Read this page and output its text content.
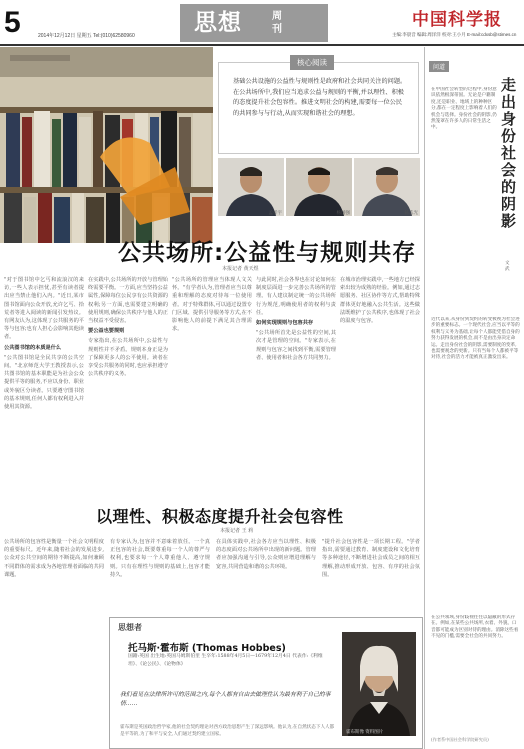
5	2014年12月12日 星期五 Tel:(010)62580960	思想	周刊	中国科学报
主编:李晨音 编辑:周洋洋 校对:王小月 E-mail:cdxsb@stimes.cn
核心阅读
基础公共设施的公益性与规则性是政府和社会共同关注的问题。在公共场所中,我们应当追求公益与规则的平衡,并以理性、积极的态度提升社会包容性。推进文明社会的构建,需要每一位公民的共同参与与行动,从而实现和谐社会的理想。
孟祥宇	杨国强	韩志光
公共场所:公益性与规则共存
本报记者 黄天煜
"对于图书馆中乞丐和流浪汉的来访,一些人表示担忧,甚至有读者提出应当禁止他们入内。"近日,某市图书馆面向公众开放,允许乞丐、拾荒者等进入阅读的新闻引发热议。有网友认为,这体现了公共服务的平等与包容;也有人担心会影响其他读者。
公共图书馆的本质是什么
"公共图书馆是全民共享的公共空间。"北京师范大学王教授表示,公共图书馆的基本职能是为社会公众提供平等的服务,不应以身份、职业或外貌区分读者。只要遵守图书馆的基本规则,任何人都有权利进入并使用其资源。
在实践中,公共场所的开放与管理始终需要平衡。一方面,应当坚持公益属性,保障每位公民享有公共资源的权利;另一方面,也需要建立明确的使用规则,确保公共秩序与他人的正当权益不受侵害。
要公益也要规则
专家指出,在公共场所中,公益性与规则性并不矛盾。规则本身正是为了保障更多人的公平使用。读者在享受公共服务的同时,也应承担遵守公共秩序的义务。
"公共场所的管理应当体现人文关怀。"有学者认为,管理者应当以尊重和理解的态度对待每一位使用者。对于特殊群体,可以通过设置专门区域、提供引导服务等方式,在不影响他人的前提下满足其合理需求。
与此同时,社会各界也在讨论如何在制度层面进一步完善公共场所的管理。有人建议制定统一的公共场所行为规范,明确使用者的权利与责任。
如何实现规则与包容共存
"公共场所首先是公益性的空间,其次才是管理的空间。"专家表示,在规则与包容之间找到平衡,需要管理者、使用者和社会各方共同努力。
在城市治理实践中,一些地方已经探索出较为成熟的经验。例如,通过志愿服务、社区协作等方式,帮助特殊群体更好地融入公共生活。这些做法既维护了公共秩序,也体现了社会的温度与包容。
以理性、积极态度提升社会包容性
本报记者 王 莉
公共场所的包容性是衡量一个社会文明程度的重要标尺。近年来,随着社会的发展进步,公众对公共空间的期待不断提高,如何兼顾不同群体的需求成为各地管理者面临的共同课题。
有专家认为,包容并不意味着放任。一个真正包容的社会,既要尊重每一个人的尊严与权利,也要求每一个人尊重他人、遵守规则。只有在理性与规则的基础上,包容才能持久。
在具体实践中,社会各方应当以理性、积极的态度面对公共场所中出现的新问题。管理者应加强沟通与引导,公众则应增进理解与宽容,共同营造和谐的公共环境。
"提升社会包容性是一项长期工程。"学者指出,需要通过教育、制度建设和文化培育等多种途径,不断增进社会成员之间的相互理解,推动形成开放、包容、有序的社会氛围。
思想者
托马斯·霍布斯 (Thomas Hobbes)
国籍:英国 出生地:英国马姆斯伯里 生卒年:1588年4月5日—1679年12月4日 代表作:《利维坦》、《论公民》、《论物体》
我们看见在法律所许可的范围之内,每个人都有自由去做理性认为最有利于自己的事情……
霍布斯是英国政治哲学家,他的社会契约理论对西方政治思想产生了深远影响。他认为,在自然状态下人人都是平等的,为了和平与安全,人们通过契约建立国家。
霍布斯像 资料图片
问道
走出身份社会的阴影
文 武
在中国社会转型的过程中,身份意识依然根深蒂固。无论是户籍制度,还是职业、地域上的种种区分,都在一定程度上影响着人们的机会与选择。身份社会的阴影,仍然笼罩在许多人的日常生活之中。
近代以来,从身份到契约的转变被视为社会进步的重要标志。一个现代社会,应当以平等的权利与义务为基础,让每个人都能凭借自身的努力获得发展的机会,而不是由出身决定命运。走出身份社会的阴影,需要制度的变革,也需要观念的更新。只有当每个人都被平等对待,社会的活力才能被真正激发出来。
在公共领域,身份歧视往往以隐蔽的形式存在。例如,在某些公共场所,衣着、外貌、口音都可能成为区别对待的理由。消除这些看不见的门槛,需要全社会的共同努力。
(作者系中国社会科学院研究员)
